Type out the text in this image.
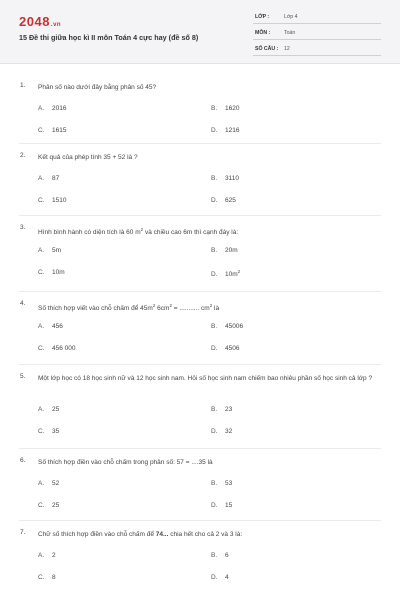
2048.vn
15 Đề thi giữa học kì II môn Toán 4 cực hay (đề số 8)
LỚP :	Lớp 4
MÔN :	Toán
SỐ CÂU : 12
1. Phân số nào dưới đây bằng phân số 45?
A. 2016	B. 1620
C. 1615	D. 1216
2. Kết quả của phép tính 35 + 52 là ?
A. 87	B. 3110
C. 1510	D. 625
3.
Hình bình hành có diện tích là 60 $m^2$ và chiều cao 6m thì cạnh đáy là:
A. 5m	B. 20m
C. 10m	D. $10m^2$
4.
Số thích hợp viết vào chỗ chấm để $45m^2$ $6cm^2$ = ........... $cm^2$ là
A. 456	B. 45006
C. 456 000	D. 4506
5. Một lớp học có 18 học sinh nữ và 12 học sinh nam. Hỏi số học sinh nam chiếm bao nhiêu phần số học sinh cả lớp ?
A. 25	B. 23
C. 35	D. 32
6. Số thích hợp điền vào chỗ chấm trong phân số: 57 = ....35 là
A. 52	B. 53
C. 25	D. 15
7. Chữ số thích hợp điền vào chỗ chấm để 74... chia hết cho cả 2 và 3 là:
A. 2	B. 6
C. 8	D. 4
